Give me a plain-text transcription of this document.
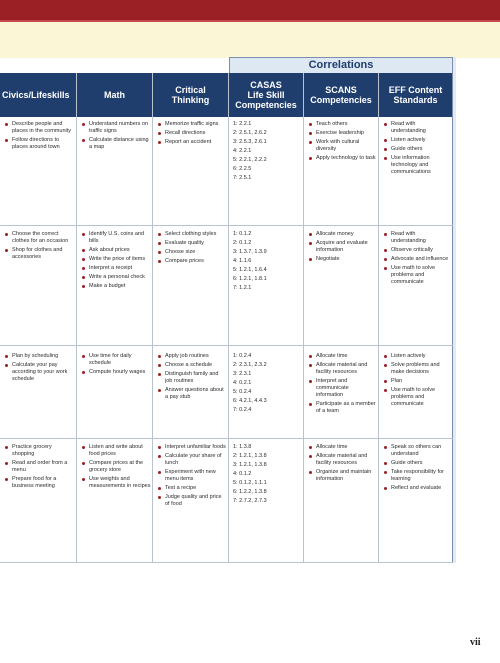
Correlations
Civics/Lifeskills	Math	Critical
Thinking
CASAS
Life Skill
Competencies
SCANS
Competencies
EFF Content
Standards
Describe people and places in the community
Follow directions to places around town
Understand numbers on traffic signs
Calculate distance using a map
Memorize traffic signs
Recall directions
Report an accident
1: 2.2.1
2: 2.5.1, 2.6.2
3: 2.5.3, 2.6.1
4: 2.2.1
5: 2.2.1, 2.2.2
6: 2.2.5
7: 2.5.1
Teach others
Exercise leadership
Work with cultural diversity
Apply technology to task
Read with understanding
Listen actively
Guide others
Use information technology and communications
Choose the correct clothes for an occasion
Shop for clothes and accessories
Identify U.S. coins and bills
Ask about prices
Write the price of items
Interpret a receipt
Write a personal check
Make a budget
Select clothing styles
Evaluate quality
Choose size
Compare prices
1: 0.1.2
2: 0.1.2
3: 1.3.7, 1.3.9
4: 1.1.6
5: 1.2.1, 1.6.4
6: 1.2.1, 1.8.1
7: 1.2.1
Allocate money
Acquire and evaluate information
Negotiate
Read with understanding
Observe critically
Advocate and influence
Use math to solve problems and communicate
Plan by scheduling
Calculate your pay according to your work schedule
Use time for daily schedule
Compute hourly wages
Apply job routines
Choose a schedule
Distinguish family and job routines
Answer questions about a pay stub
1: 0.2.4
2: 2.3.1, 2.3.2
3: 2.3.1
4: 0.2.1
5: 0.2.4
6: 4.2.1, 4.4.3
7: 0.2.4
Allocate time
Allocate material and facility resources
Interpret and communicate information
Participate as a member of a team
Listen actively
Solve problems and make decisions
Plan
Use math to solve problems and communicate
Practice grocery shopping
Read and order from a menu
Prepare food for a business meeting
Listen and write about food prices
Compare prices at the grocery store
Use weights and measurements in recipes
Interpret unfamiliar foods
Calculate your share of lunch
Experiment with new menu items
Test a recipe
Judge quality and price of food
1: 1.3.8
2: 1.2.1, 1.3.8
3: 1.2.1, 1.3.8
4: 0.1.2
5: 0.1.2, 1.1.1
6: 1.2.2, 1.3.8
7: 2.7.2, 2.7.3
Allocate time
Allocate material and facility resources
Organize and maintain information
Speak so others can understand
Guide others
Take responsibility for learning
Reflect and evaluate
vii
